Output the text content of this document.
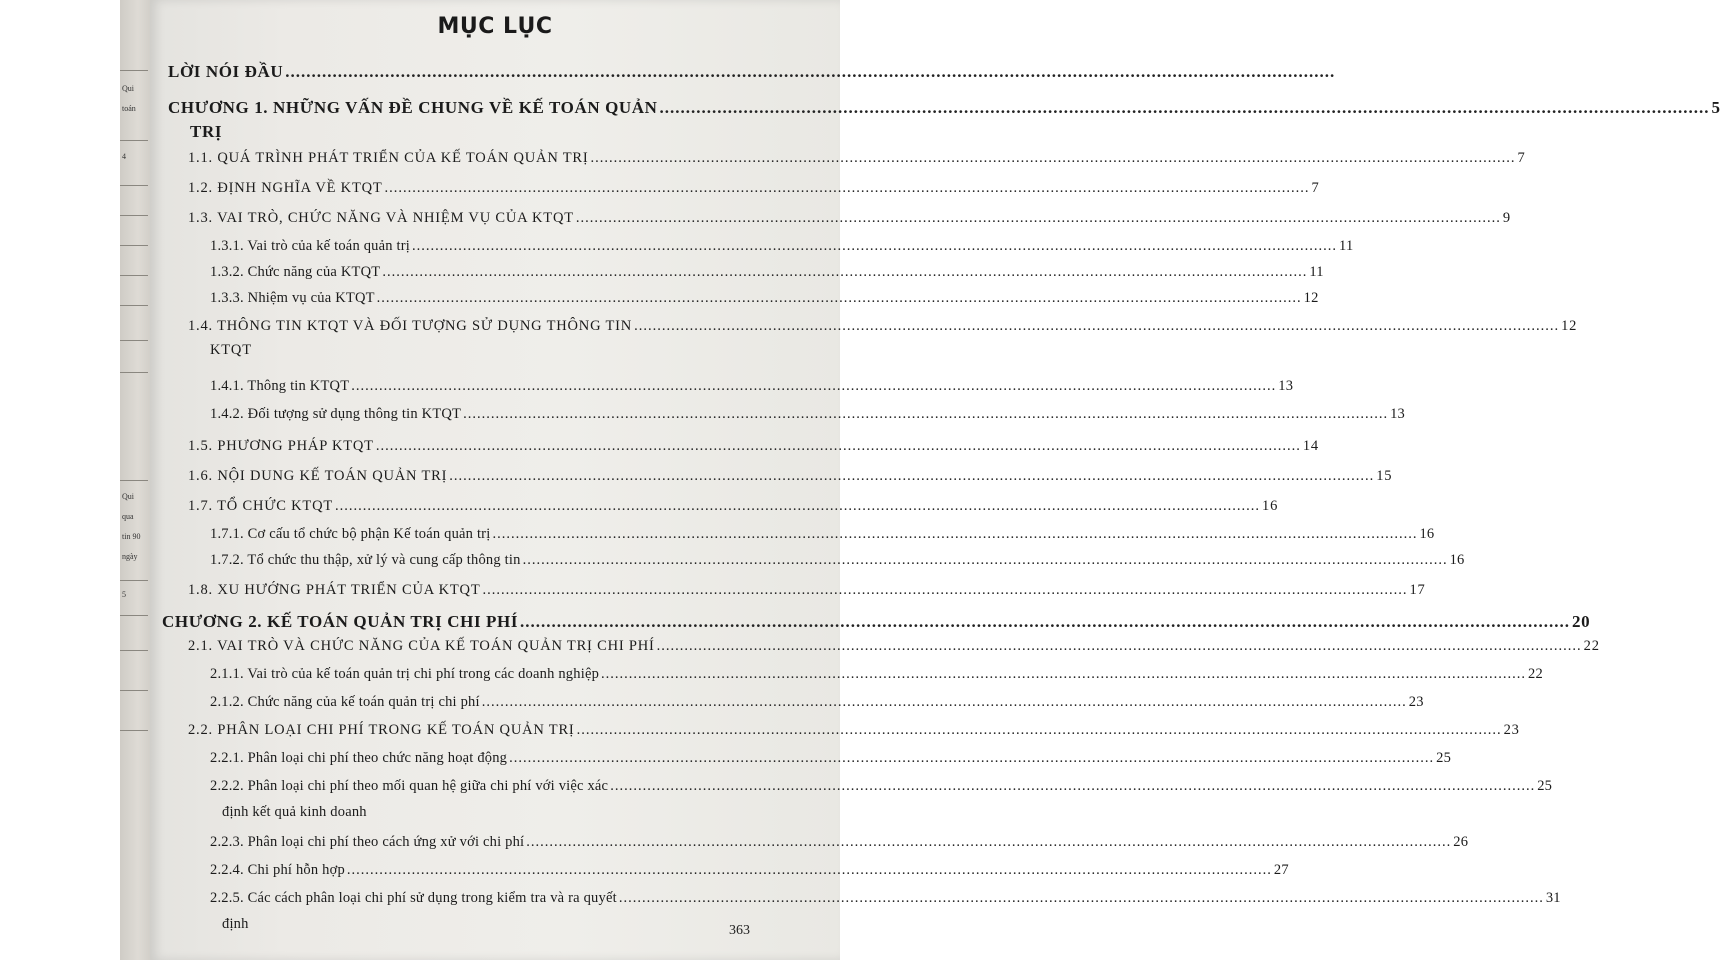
Qui
toán
4
Qui
qua
tin 90
ngày
5
MỤC LỤC
LỜI NÓI ĐẦU ........................................................................................................................................................................................................
CHƯƠNG 1. NHỮNG VẤN ĐỀ CHUNG VỀ KẾ TOÁN QUẢN ........................................................................................................................................................................................................ 5
TRỊ
1.1. QUÁ TRÌNH PHÁT TRIỂN CỦA KẾ TOÁN QUẢN TRỊ ........................................................................................................................................................................................................ 7
1.2. ĐỊNH NGHĨA VỀ KTQT ........................................................................................................................................................................................................ 7
1.3. VAI TRÒ, CHỨC NĂNG VÀ NHIỆM VỤ CỦA KTQT ........................................................................................................................................................................................................ 9
1.3.1. Vai trò của kế toán quản trị ........................................................................................................................................................................................................ 11
1.3.2. Chức năng của KTQT ........................................................................................................................................................................................................ 11
1.3.3. Nhiệm vụ của KTQT ........................................................................................................................................................................................................ 12
1.4. THÔNG TIN KTQT VÀ ĐỐI TƯỢNG SỬ DỤNG THÔNG TIN ........................................................................................................................................................................................................ 12
KTQT
1.4.1. Thông tin KTQT ........................................................................................................................................................................................................ 13
1.4.2. Đối tượng sử dụng thông tin KTQT ........................................................................................................................................................................................................ 13
1.5. PHƯƠNG PHÁP KTQT ........................................................................................................................................................................................................ 14
1.6. NỘI DUNG KẾ TOÁN QUẢN TRỊ ........................................................................................................................................................................................................ 15
1.7. TỔ CHỨC KTQT ........................................................................................................................................................................................................ 16
1.7.1. Cơ cấu tổ chức bộ phận Kế toán quản trị ........................................................................................................................................................................................................ 16
1.7.2. Tổ chức thu thập, xử lý và cung cấp thông tin ........................................................................................................................................................................................................ 16
1.8. XU HƯỚNG PHÁT TRIỂN CỦA KTQT ........................................................................................................................................................................................................ 17
CHƯƠNG 2. KẾ TOÁN QUẢN TRỊ CHI PHÍ ........................................................................................................................................................................................................ 20
2.1. VAI TRÒ VÀ CHỨC NĂNG CỦA KẾ TOÁN QUẢN TRỊ CHI PHÍ ........................................................................................................................................................................................................ 22
2.1.1. Vai trò của kế toán quản trị chi phí trong các doanh nghiệp ........................................................................................................................................................................................................ 22
2.1.2. Chức năng của kế toán quản trị chi phí ........................................................................................................................................................................................................ 23
2.2. PHÂN LOẠI CHI PHÍ TRONG KẾ TOÁN QUẢN TRỊ ........................................................................................................................................................................................................ 23
2.2.1. Phân loại chi phí theo chức năng hoạt động ........................................................................................................................................................................................................ 25
2.2.2. Phân loại chi phí theo mối quan hệ giữa chi phí với việc xác ........................................................................................................................................................................................................ 25
định kết quả kinh doanh
2.2.3. Phân loại chi phí theo cách ứng xử với chi phí ........................................................................................................................................................................................................ 26
2.2.4. Chi phí hỗn hợp ........................................................................................................................................................................................................ 27
2.2.5. Các cách phân loại chi phí sử dụng trong kiểm tra và ra quyết ........................................................................................................................................................................................................ 31
định	363
